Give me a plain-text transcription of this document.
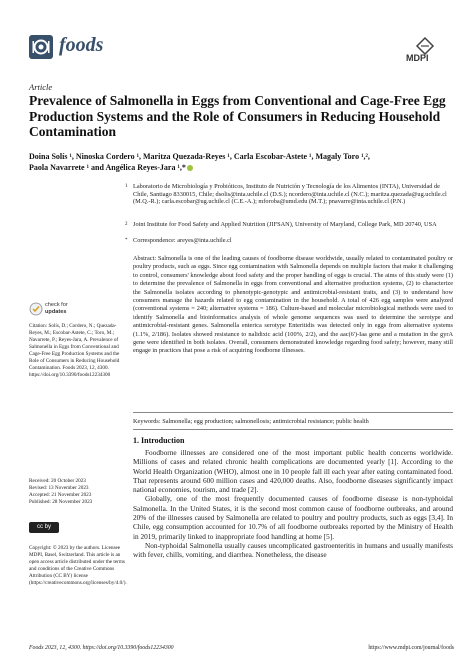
foods
MDPI
Article
Prevalence of Salmonella in Eggs from Conventional and Cage-Free Egg Production Systems and the Role of Consumers in Reducing Household Contamination
Doina Solís ¹, Ninoska Cordero ¹, Maritza Quezada-Reyes ¹, Carla Escobar-Astete ¹, Magaly Toro ¹,²,
Paola Navarrete ¹ and Angélica Reyes-Jara ¹,*
1 Laboratorio de Microbiología y Probióticos, Instituto de Nutrición y Tecnología de los Alimentos (INTA), Universidad de Chile, Santiago 8330015, Chile; dsolis@inta.uchile.cl (D.S.); ncordero@inta.uchile.cl (N.C.); maritza.quezada@ug.uchile.cl (M.Q.-R.); carla.escobar@ug.uchile.cl (C.E.-A.); mforoba@umd.edu (M.T.); pnavarre@inta.uchile.cl (P.N.)
2 Joint Institute for Food Safety and Applied Nutrition (JIFSAN), University of Maryland, College Park, MD 20740, USA
* Correspondence: areyes@inta.uchile.cl
Abstract: Salmonella is one of the leading causes of foodborne disease worldwide, usually related to contaminated poultry or poultry products, such as eggs. Since egg contamination with Salmonella depends on multiple factors that make it challenging to control, consumers' knowledge about food safety and the proper handling of eggs is crucial. The aims of this study were (1) to determine the prevalence of Salmonella in eggs from conventional and alternative production systems, (2) to characterize the Salmonella isolates according to phenotypic-genotypic and antimicrobial-resistant traits, and (3) to understand how consumers manage the hazards related to egg contamination in the household. A total of 426 egg samples were analyzed (conventional systems = 240; alternative systems = 186). Culture-based and molecular microbiological methods were used to identify Salmonella and bioinformatics analysis of whole genome sequences was used to determine the serotype and antimicrobial-resistant genes. Salmonella enterica serotype Enteritidis was detected only in eggs from alternative systems (1.1%, 2/186). Isolates showed resistance to nalidixic acid (100%, 2/2), and the aac(6')-Iaa gene and a mutation in the gyrA gene were identified in both isolates. Overall, consumers demonstrated knowledge regarding food safety; however, many still engage in practices that pose a risk of acquiring foodborne illnesses.
Keywords: Salmonella; egg production; salmonellosis; antimicrobial resistance; public health
check for
updates
Citation: Solís, D.; Cordero, N.; Quezada-Reyes, M.; Escobar-Astete, C.; Toro, M.; Navarrete, P.; Reyes-Jara, A. Prevalence of Salmonella in Eggs from Conventional and Cage-Free Egg Production Systems and the Role of Consumers in Reducing Household Contamination. Foods 2023, 12, 4300. https://doi.org/10.3390/foods12234300
Received: 20 October 2023
Revised: 13 November 2023
Accepted: 21 November 2023
Published: 28 November 2023
cc by
Copyright: © 2023 by the authors. Licensee MDPI, Basel, Switzerland. This article is an open access article distributed under the terms and conditions of the Creative Commons Attribution (CC BY) license (https://creativecommons.org/licenses/by/4.0/).
1. Introduction

Foodborne illnesses are considered one of the most important public health concerns worldwide. Millions of cases and related chronic health complications are documented yearly [1]. According to the World Health Organization (WHO), almost one in 10 people fall ill each year after eating contaminated food. That represents around 600 million cases and 420,000 deaths. Also, foodborne diseases significantly impact national economies, tourism, and trade [2].

Globally, one of the most frequently documented causes of foodborne disease is non-typhoidal Salmonella. In the United States, it is the second most common cause of foodborne outbreaks, and around 20% of the illnesses caused by Salmonella are related to poultry and poultry products, such as eggs [3,4]. In Chile, egg consumption accounted for 10.7% of all foodborne outbreaks reported by the Ministry of Health in 2019, primarily linked to inappropriate food handling at home [5].

Non-typhoidal Salmonella usually causes uncomplicated gastroenteritis in humans and usually manifests with fever, chills, vomiting, and diarrhea. Nonetheless, the disease

Foods 2023, 12, 4300. https://doi.org/10.3390/foods12234300	https://www.mdpi.com/journal/foods
